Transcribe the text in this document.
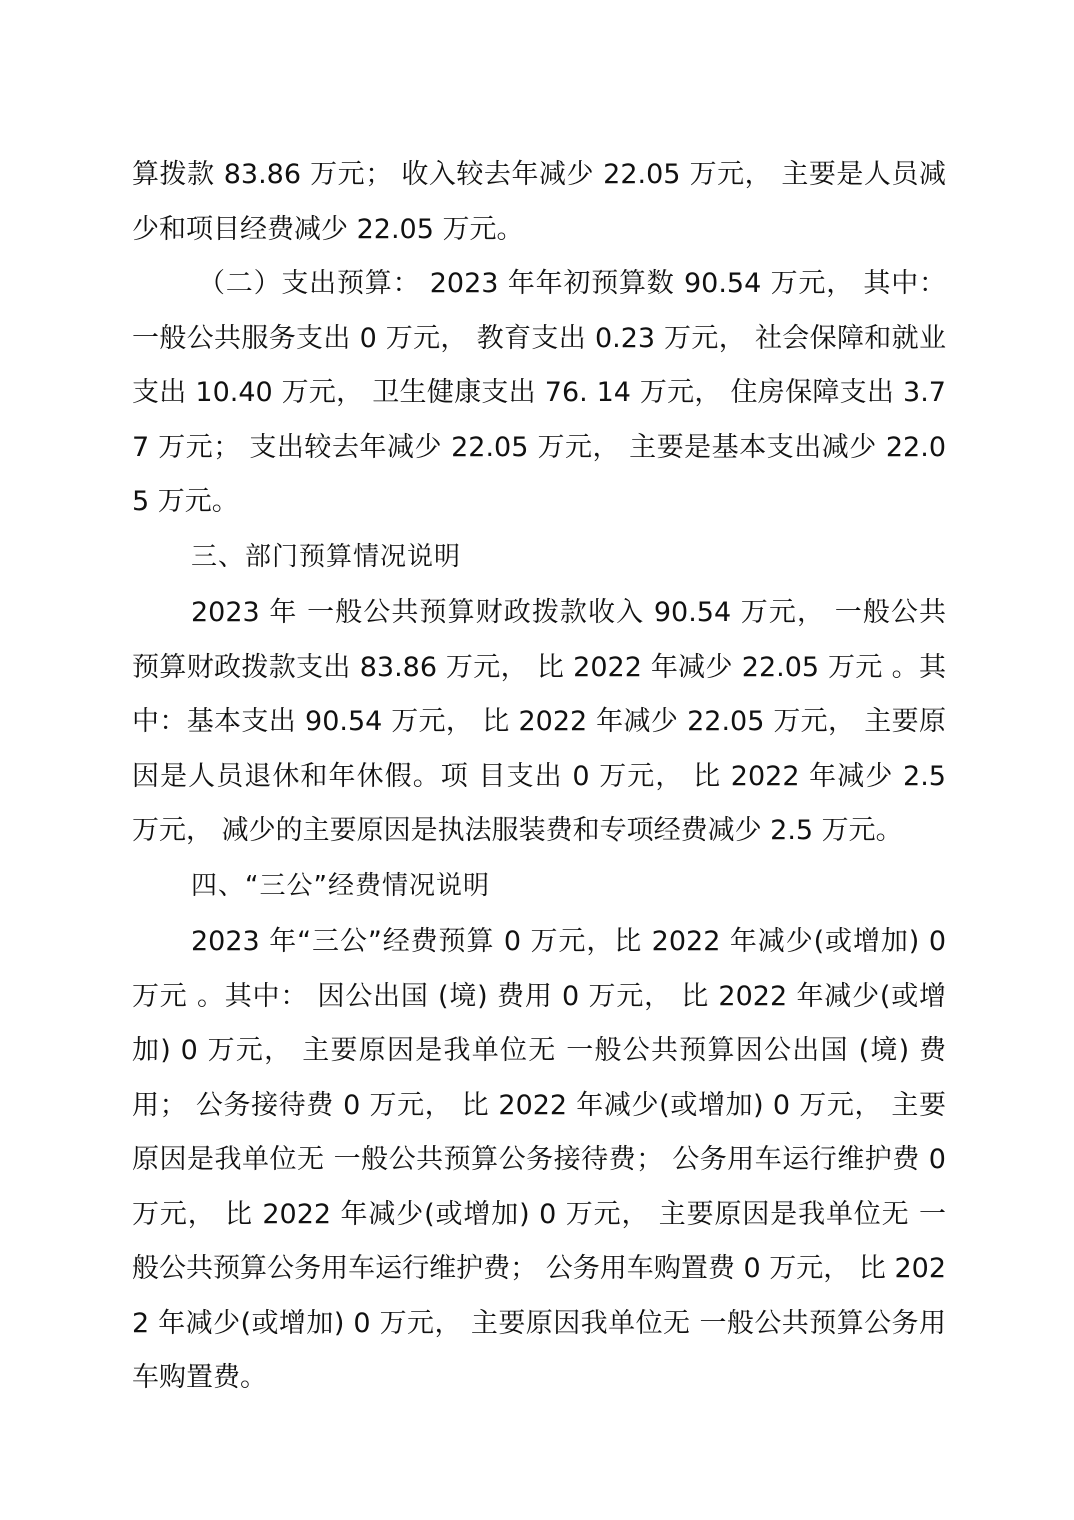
算拨款 83.86 万元； 收入较去年减少 22.05 万元， 主要是人员减少和项目经费减少 22.05 万元。

（二）支出预算： 2023 年年初预算数 90.54 万元， 其中： 一般公共服务支出 0 万元， 教育支出 0.23 万元， 社会保障和就业支出 10.40 万元， 卫生健康支出 76. 14 万元， 住房保障支出 3.77 万元； 支出较去年减少 22.05 万元， 主要是基本支出减少 22.05 万元。

三、部门预算情况说明

2023 年 一般公共预算财政拨款收入 90.54 万元， 一般公共预算财政拨款支出 83.86 万元， 比 2022 年减少 22.05 万元 。其中：基本支出 90.54 万元， 比 2022 年减少 22.05 万元， 主要原因是人员退休和年休假。项 目支出 0 万元， 比 2022 年减少 2.5 万元， 减少的主要原因是执法服装费和专项经费减少 2.5 万元。

四、“三公”经费情况说明

2023 年“三公”经费预算 0 万元，比 2022 年减少(或增加) 0 万元 。其中： 因公出国 (境) 费用 0 万元， 比 2022 年减少(或增加) 0 万元， 主要原因是我单位无 一般公共预算因公出国 (境) 费用； 公务接待费 0 万元， 比 2022 年减少(或增加) 0 万元， 主要原因是我单位无 一般公共预算公务接待费； 公务用车运行维护费 0 万元， 比 2022 年减少(或增加) 0 万元， 主要原因是我单位无 一般公共预算公务用车运行维护费； 公务用车购置费 0 万元， 比 2022 年减少(或增加) 0 万元， 主要原因我单位无 一般公共预算公务用车购置费。
